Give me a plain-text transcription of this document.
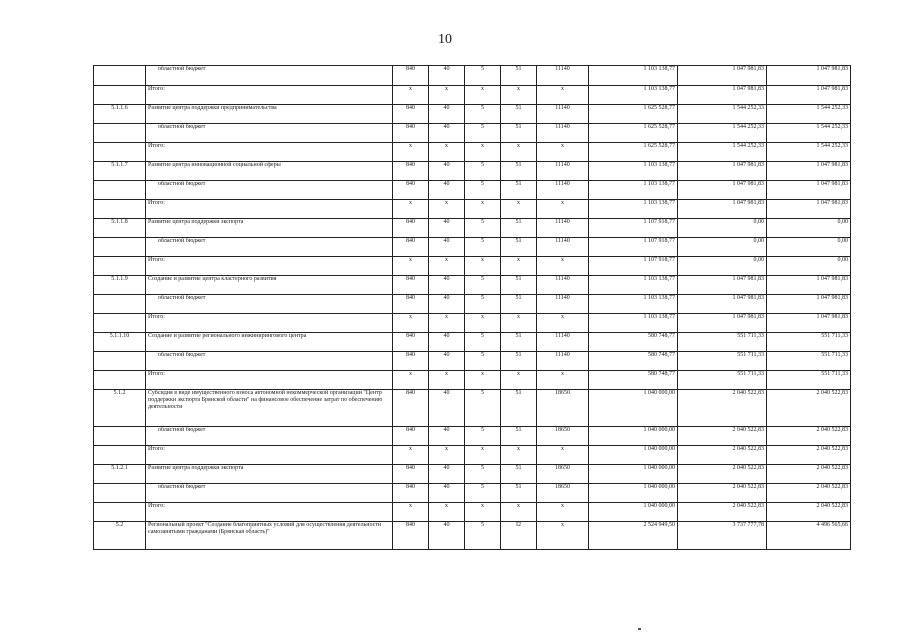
10
	областной бюджет	840	40	5	51	11140	1 103 138,77	1 047 981,83	1 047 981,83
	Итого:	х	х	х	х	х	1 103 138,77	1 047 981,83	1 047 981,83
5.1.1.6	Развитие центра поддержки предпринимательства	840	40	5	51	11140	1 625 528,77	1 544 252,33	1 544 252,33
	областной бюджет	840	40	5	51	11140	1 625 528,77	1 544 252,33	1 544 252,33
	Итого:	х	х	х	х	х	1 625 528,77	1 544 252,33	1 544 252,33
5.1.1.7	Развитие центра инновационной социальной сферы	840	40	5	51	11140	1 103 138,77	1 047 981,83	1 047 981,83
	областной бюджет	840	40	5	51	11140	1 103 138,77	1 047 981,83	1 047 981,83
	Итого:	х	х	х	х	х	1 103 138,77	1 047 981,83	1 047 981,83
5.1.1.8	Развитие центра поддержки экспорта	840	40	5	51	11140	1 107 918,77	0,00	0,00
	областной бюджет	840	40	5	51	11140	1 107 918,77	0,00	0,00
	Итого:	х	х	х	х	х	1 107 918,77	0,00	0,00
5.1.1.9	Создание и развитие центра кластерного развития	840	40	5	51	11140	1 103 138,77	1 047 981,83	1 047 981,83
	областной бюджет	840	40	5	51	11140	1 103 138,77	1 047 981,83	1 047 981,83
	Итого:	х	х	х	х	х	1 103 138,77	1 047 981,83	1 047 981,83
5.1.1.10	Создание и развитие регионального инжинирингового центра	840	40	5	51	11140	580 748,77	551 711,33	551 711,33
	областной бюджет	840	40	5	51	11140	580 748,77	551 711,33	551 711,33
	Итого:	х	х	х	х	х	580 748,77	551 711,33	551 711,33
5.1.2	Субсидия в виде имущественного взноса автономной некоммерческой организации "Центр поддержки экспорта Брянской области" на финансовое обеспечение затрат по обеспечению деятельности	840	40	5	51	18650	1 040 000,00	2 040 522,83	2 040 522,83
	областной бюджет	840	40	5	51	18650	1 040 000,00	2 040 522,83	2 040 522,83
	Итого:	х	х	х	х	х	1 040 000,00	2 040 522,83	2 040 522,83
5.1.2.1	Развитие центра поддержки экспорта	840	40	5	51	18650	1 040 000,00	2 040 522,83	2 040 522,83
	областной бюджет	840	40	5	51	18650	1 040 000,00	2 040 522,83	2 040 522,83
	Итого:	х	х	х	х	х	1 040 000,00	2 040 522,83	2 040 522,83
5.2	Региональный проект "Создание благоприятных условий для осуществления деятельности самозанятыми гражданами (Брянская область)"	840	40	5	I2	х	2 524 949,50	3 737 777,78	4 496 565,66
